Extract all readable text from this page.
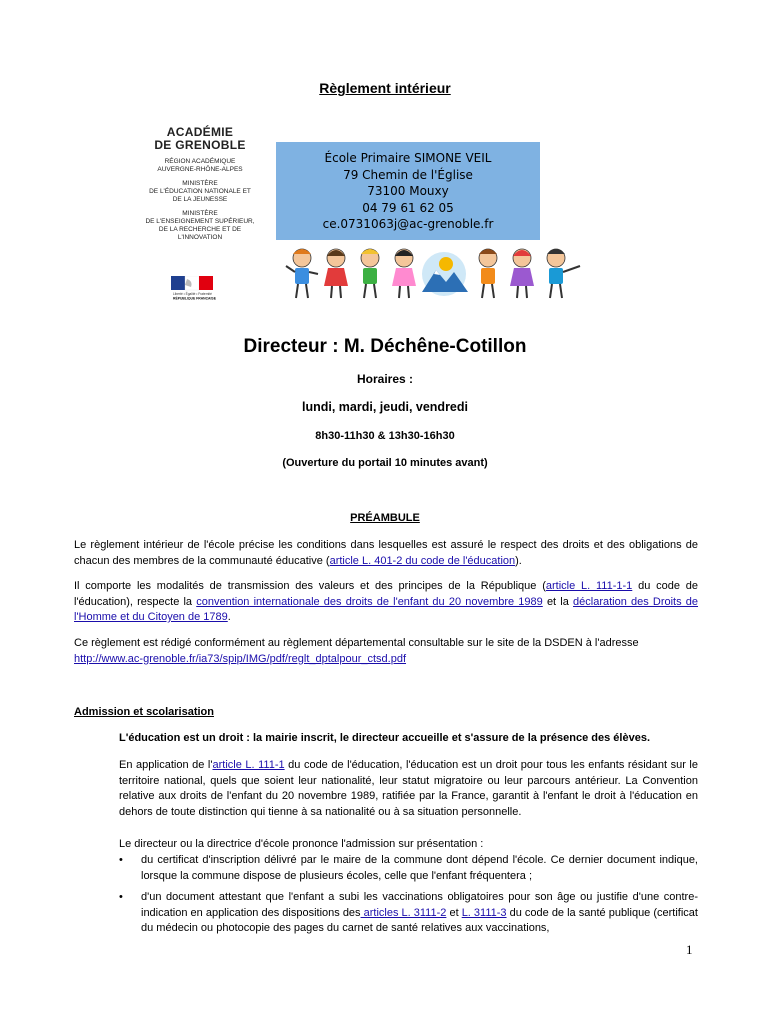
Règlement intérieur
ACADÉMIE
DE GRENOBLE
RÉGION ACADÉMIQUE
AUVERGNE-RHÔNE-ALPES
MINISTÈRE
DE L'ÉDUCATION NATIONALE ET
DE LA JEUNESSE
MINISTÈRE
DE L'ENSEIGNEMENT SUPÉRIEUR,
DE LA RECHERCHE ET DE
L'INNOVATION
Liberté • Égalité • Fraternité
RÉPUBLIQUE FRANÇAISE
École Primaire SIMONE VEIL
79 Chemin de l'Église
73100 Mouxy
04 79 61 62 05
ce.0731063j@ac-grenoble.fr
Directeur : M. Déchêne-Cotillon
Horaires :
lundi, mardi, jeudi, vendredi
8h30-11h30 & 13h30-16h30
(Ouverture du portail 10 minutes avant)
PRÉAMBULE
Le règlement intérieur de l'école précise les conditions dans lesquelles est assuré le respect des droits et des obligations de chacun des membres de la communauté éducative (article L. 401-2 du code de l'éducation).
Il comporte les modalités de transmission des valeurs et des principes de la République (article L. 111-1-1 du code de l'éducation), respecte la convention internationale des droits de l'enfant du 20 novembre 1989 et la déclaration des Droits de l'Homme et du Citoyen de 1789.
Ce règlement est rédigé conformément au règlement départemental consultable sur le site de la DSDEN à l'adresse
http://www.ac-grenoble.fr/ia73/spip/IMG/pdf/reglt_dptalpour_ctsd.pdf
Admission et scolarisation
L'éducation est un droit : la mairie inscrit, le directeur accueille et s'assure de la présence des élèves.
En application de l'article L. 111-1 du code de l'éducation, l'éducation est un droit pour tous les enfants résidant sur le territoire national, quels que soient leur nationalité, leur statut migratoire ou leur parcours antérieur. La Convention relative aux droits de l'enfant du 20 novembre 1989, ratifiée par la France, garantit à l'enfant le droit à l'éducation en dehors de toute distinction qui tienne à sa nationalité ou à sa situation personnelle.
Le directeur ou la directrice d'école prononce l'admission sur présentation :
• du certificat d'inscription délivré par le maire de la commune dont dépend l'école. Ce dernier document indique, lorsque la commune dispose de plusieurs écoles, celle que l'enfant fréquentera ;
• d'un document attestant que l'enfant a subi les vaccinations obligatoires pour son âge ou justifie d'une contre-indication en application des dispositions des articles L. 3111-2 et L. 3111-3 du code de la santé publique (certificat du médecin ou photocopie des pages du carnet de santé relatives aux vaccinations,
1
